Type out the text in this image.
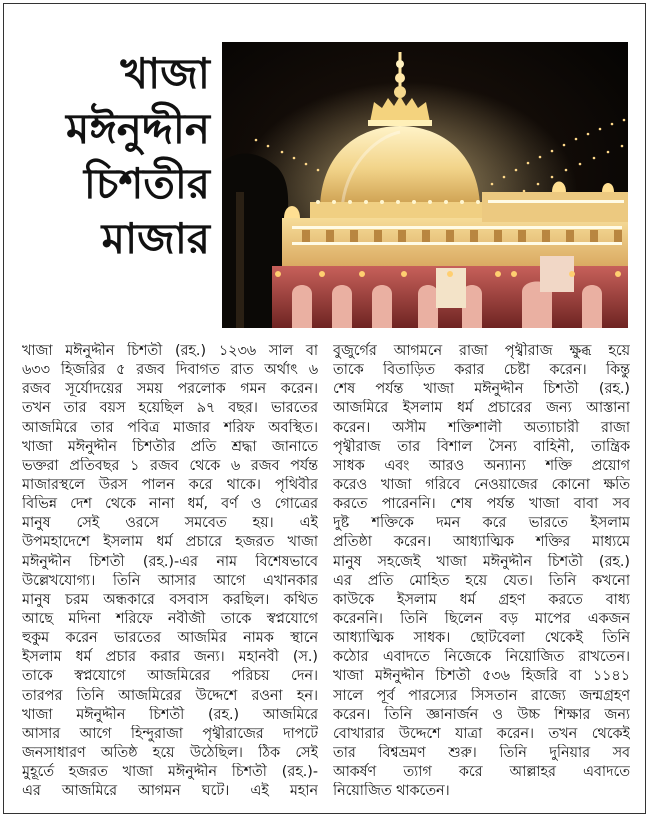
খাজা
মঈনুদ্দীন
চিশতীর
মাজার
খাজা মঈনুদ্দীন চিশতী (রহ.) ১২৩৬ সাল বা
৬৩৩ হিজরির ৫ রজব দিবাগত রাত অর্থাৎ ৬
রজব সূর্যোদয়ের সময় পরলোক গমন করেন।
তখন তার বয়স হয়েছিল ৯৭ বছর। ভারতের
আজমিরে তার পবিত্র মাজার শরিফ অবস্থিত।
খাজা মঈনুদ্দীন চিশতীর প্রতি শ্রদ্ধা জানাতে
ভক্তরা প্রতিবছর ১ রজব থেকে ৬ রজব পর্যন্ত
মাজারস্থলে উরস পালন করে থাকে। পৃথিবীর
বিভিন্ন দেশ থেকে নানা ধর্ম, বর্ণ ও গোত্রের
মানুষ সেই ওরসে সমবেত হয়। এই
উপমহাদেশে ইসলাম ধর্ম প্রচারে হজরত খাজা
মঈনুদ্দীন চিশতী (রহ.)-এর নাম বিশেষভাবে
উল্লেখযোগ্য। তিনি আসার আগে এখানকার
মানুষ চরম অন্ধকারে বসবাস করছিল। কথিত
আছে মদিনা শরিফে নবীজী তাকে স্বপ্নযোগে
হুকুম করেন ভারতের আজমির নামক স্থানে
ইসলাম ধর্ম প্রচার করার জন্য। মহানবী (স.)
তাকে স্বপ্নযোগে আজমিরের পরিচয় দেন।
তারপর তিনি আজমিরের উদ্দেশে রওনা হন।
খাজা মঈনুদ্দীন চিশতী (রহ.) আজমিরে
আসার আগে হিন্দুরাজা পৃথ্বীরাজের দাপটে
জনসাধারণ অতিষ্ঠ হয়ে উঠেছিল। ঠিক সেই
মুহূর্তে হজরত খাজা মঈনুদ্দীন চিশতী (রহ.)-
এর আজমিরে আগমন ঘটে। এই মহান
বুজুর্গের আগমনে রাজা পৃথ্বীরাজ ক্ষুব্ধ হয়ে
তাকে বিতাড়িত করার চেষ্টা করেন। কিন্তু
শেষ পর্যন্ত খাজা মঈনুদ্দীন চিশতী (রহ.)
আজমিরে ইসলাম ধর্ম প্রচারের জন্য আস্তানা
করেন। অসীম শক্তিশালী অত্যাচারী রাজা
পৃথ্বীরাজ তার বিশাল সৈন্য বাহিনী, তান্ত্রিক
সাধক এবং আরও অন্যান্য শক্তি প্রয়োগ
করেও খাজা গরিবে নেওয়াজের কোনো ক্ষতি
করতে পারেননি। শেষ পর্যন্ত খাজা বাবা সব
দুষ্ট শক্তিকে দমন করে ভারতে ইসলাম
প্রতিষ্ঠা করেন। আধ্যাত্মিক শক্তির মাধ্যমে
মানুষ সহজেই খাজা মঈনুদ্দীন চিশতী (রহ.)
এর প্রতি মোহিত হয়ে যেত। তিনি কখনো
কাউকে ইসলাম ধর্ম গ্রহণ করতে বাধ্য
করেননি। তিনি ছিলেন বড় মাপের একজন
আধ্যাত্মিক সাধক। ছোটবেলা থেকেই তিনি
কঠোর এবাদতে নিজেকে নিয়োজিত রাখতেন।
খাজা মঈনুদ্দীন চিশতী ৫৩৬ হিজরি বা ১১৪১
সালে পূর্ব পারস্যের সিসতান রাজ্যে জন্মগ্রহণ
করেন। তিনি জ্ঞানার্জন ও উচ্চ শিক্ষার জন্য
বোখারার উদ্দেশে যাত্রা করেন। তখন থেকেই
তার বিশ্বভ্রমণ শুরু। তিনি দুনিয়ার সব
আকর্ষণ ত্যাগ করে আল্লাহর এবাদতে
নিয়োজিত থাকতেন।
